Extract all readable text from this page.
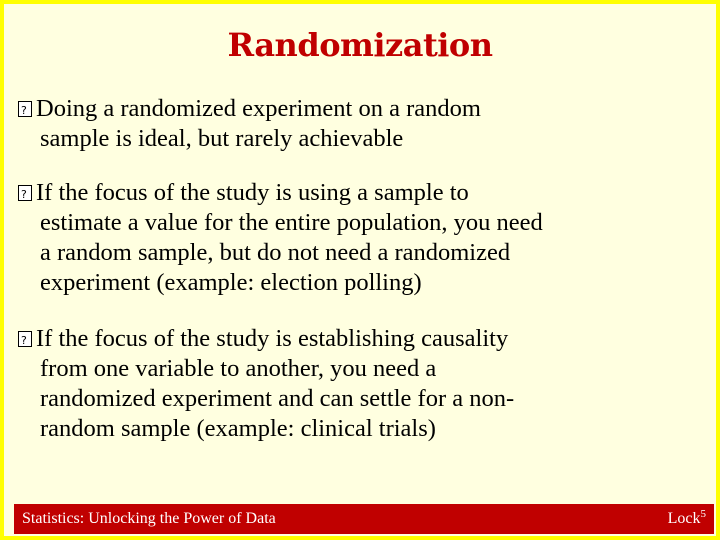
Randomization
?
Doing a randomized experiment on a random
sample is ideal, but rarely achievable
?
If the focus of the study is using a sample to
estimate a value for the entire population, you need
a random sample, but do not need a randomized
experiment (example: election polling)
?
If the focus of the study is establishing causality
from one variable to another, you need a
randomized experiment and can settle for a non-
random sample (example: clinical trials)
Statistics: Unlocking the Power of Data	Lock$^5$
